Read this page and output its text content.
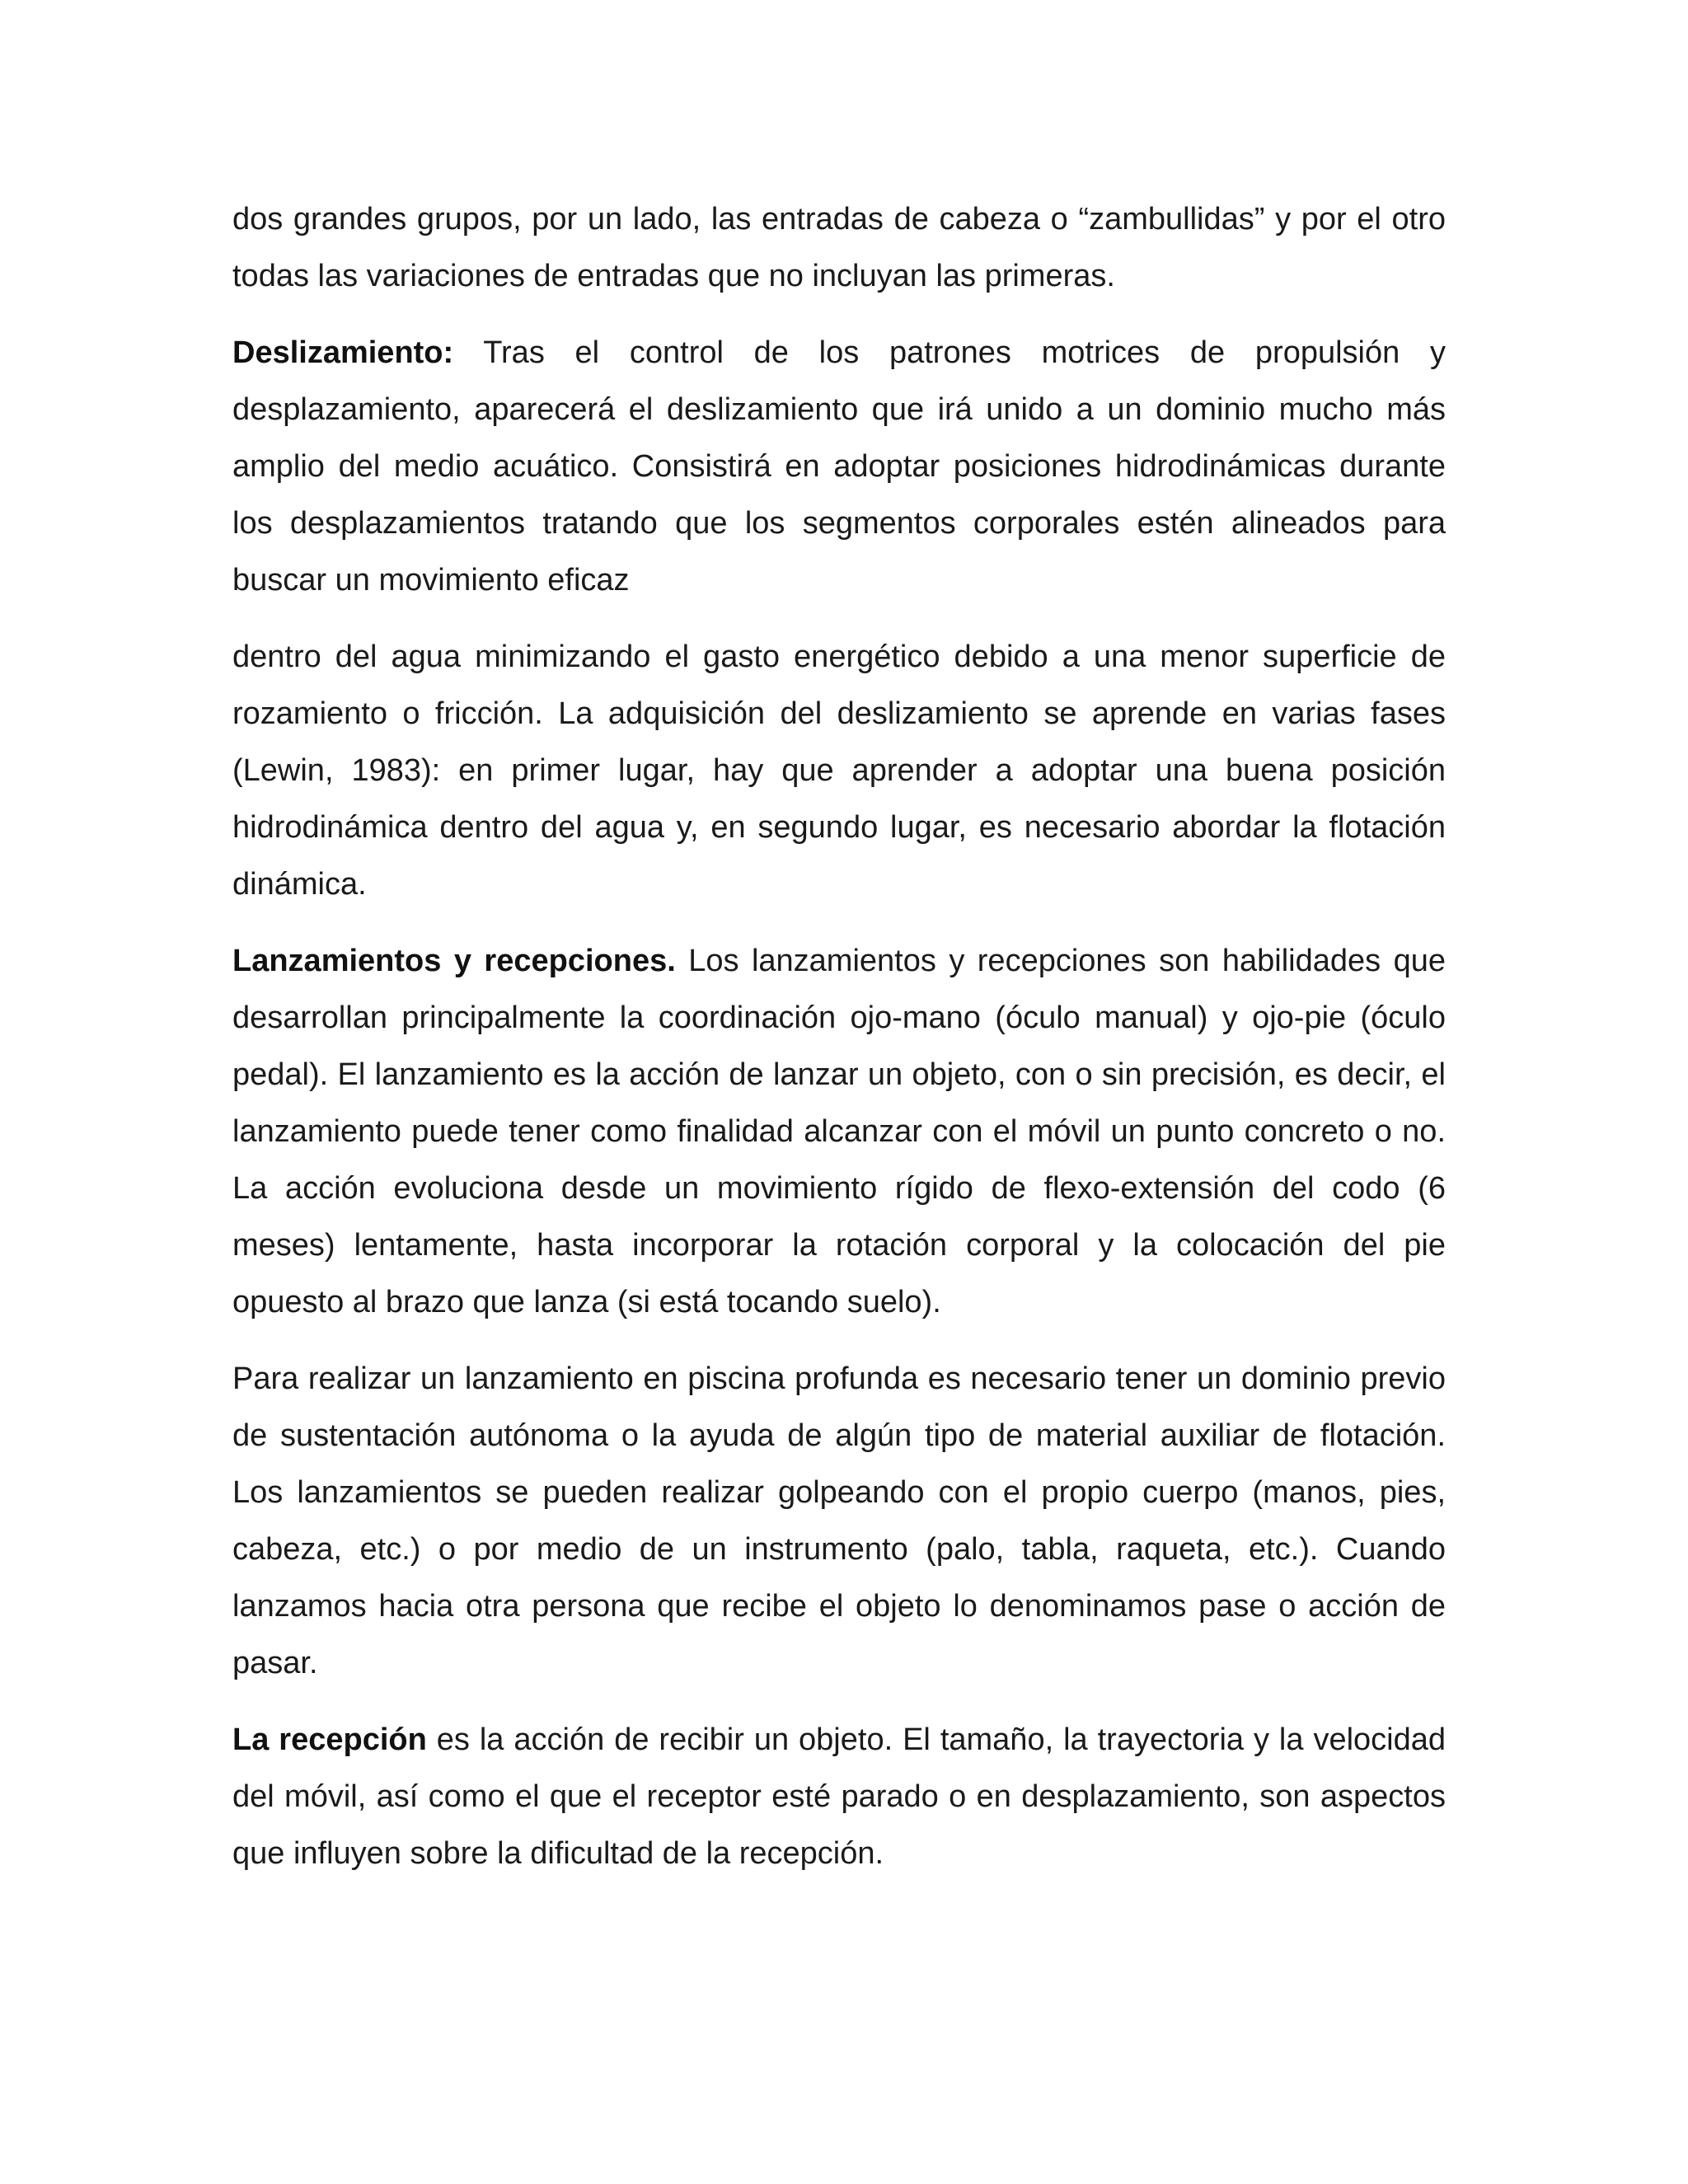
dos grandes grupos, por un lado, las entradas de cabeza o “zambullidas” y por el otro todas las variaciones de entradas que no incluyan las primeras.

Deslizamiento: Tras el control de los patrones motrices de propulsión y desplazamiento, aparecerá el deslizamiento que irá unido a un dominio mucho más amplio del medio acuático. Consistirá en adoptar posiciones hidrodinámicas durante los desplazamientos tratando que los segmentos corporales estén alineados para buscar un movimiento eficaz

dentro del agua minimizando el gasto energético debido a una menor superficie de rozamiento o fricción. La adquisición del deslizamiento se aprende en varias fases (Lewin, 1983): en primer lugar, hay que aprender a adoptar una buena posición hidrodinámica dentro del agua y, en segundo lugar, es necesario abordar la flotación dinámica.

Lanzamientos y recepciones. Los lanzamientos y recepciones son habilidades que desarrollan principalmente la coordinación ojo-mano (óculo manual) y ojo-pie (óculo pedal). El lanzamiento es la acción de lanzar un objeto, con o sin precisión, es decir, el lanzamiento puede tener como finalidad alcanzar con el móvil un punto concreto o no. La acción evoluciona desde un movimiento rígido de flexo-extensión del codo (6 meses) lentamente, hasta incorporar la rotación corporal y la colocación del pie opuesto al brazo que lanza (si está tocando suelo).

Para realizar un lanzamiento en piscina profunda es necesario tener un dominio previo de sustentación autónoma o la ayuda de algún tipo de material auxiliar de flotación. Los lanzamientos se pueden realizar golpeando con el propio cuerpo (manos, pies, cabeza, etc.) o por medio de un instrumento (palo, tabla, raqueta, etc.). Cuando lanzamos hacia otra persona que recibe el objeto lo denominamos pase o acción de pasar.

La recepción es la acción de recibir un objeto. El tamaño, la trayectoria y la velocidad del móvil, así como el que el receptor esté parado o en desplazamiento, son aspectos que influyen sobre la dificultad de la recepción.
